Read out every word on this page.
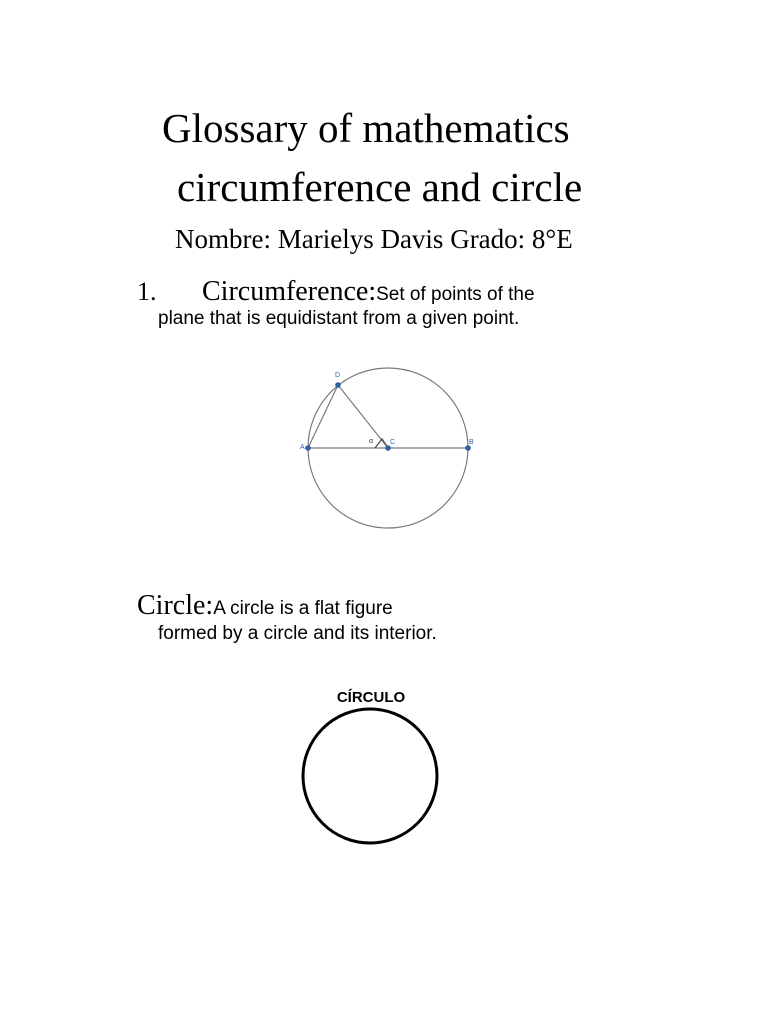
Glossary of mathematics
circumference and circle
Nombre: Marielys Davis Grado: 8°E
1. Circumference:Set of points of the
plane that is equidistant from a given point.
D
A
C	B
α
Circle:A circle is a flat figure
formed by a circle and its interior.
CÍRCULO
